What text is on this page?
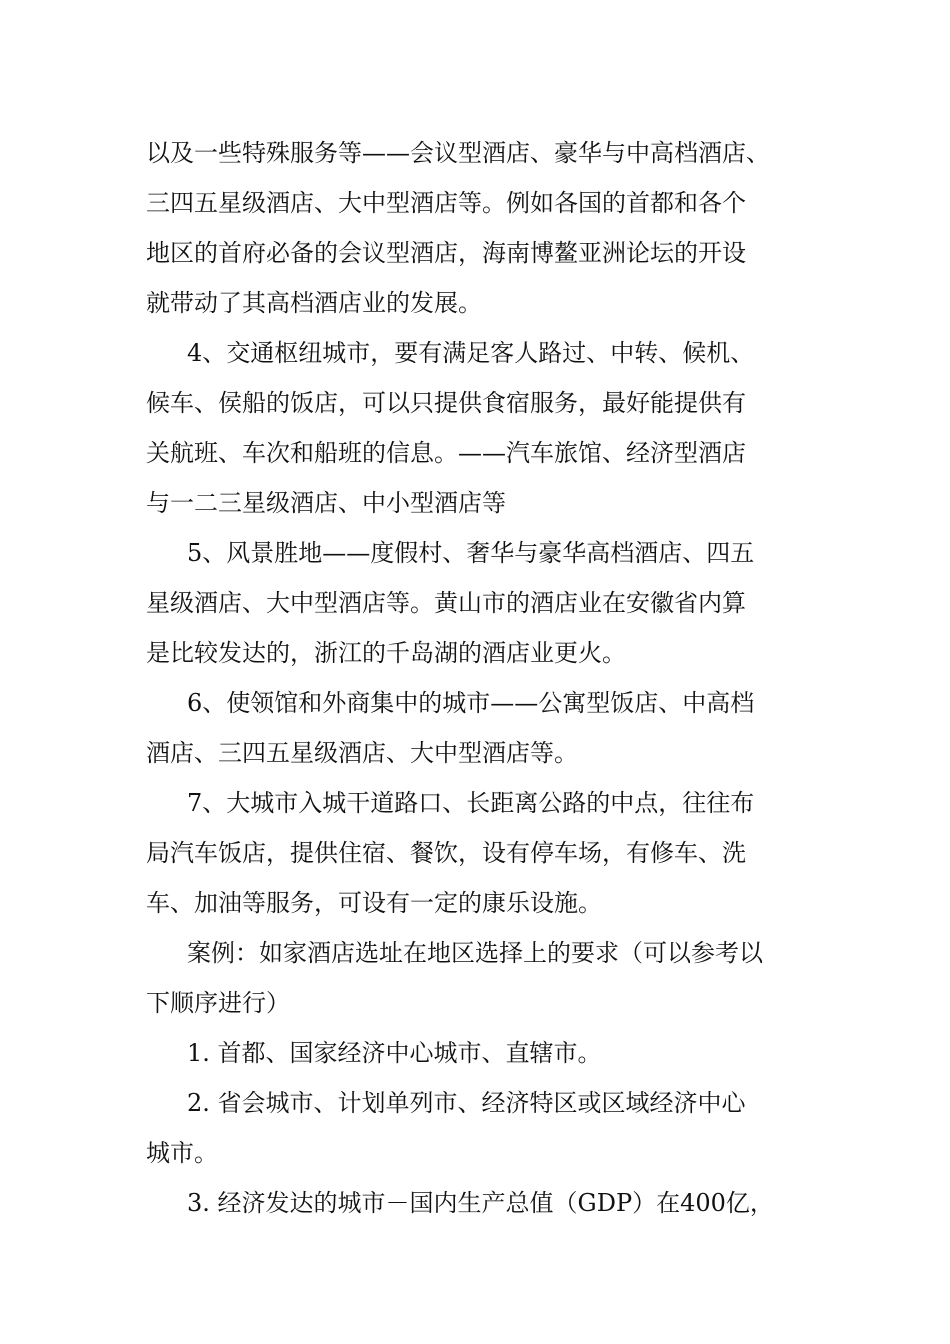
以及一些特殊服务等——会议型酒店、豪华与中高档酒店、
三四五星级酒店、大中型酒店等。例如各国的首都和各个
地区的首府必备的会议型酒店，海南博鳌亚洲论坛的开设
就带动了其高档酒店业的发展。
4、交通枢纽城市，要有满足客人路过、中转、候机、
候车、侯船的饭店，可以只提供食宿服务，最好能提供有
关航班、车次和船班的信息。——汽车旅馆、经济型酒店
与一二三星级酒店、中小型酒店等
5、风景胜地——度假村、奢华与豪华高档酒店、四五
星级酒店、大中型酒店等。黄山市的酒店业在安徽省内算
是比较发达的，浙江的千岛湖的酒店业更火。
6、使领馆和外商集中的城市——公寓型饭店、中高档
酒店、三四五星级酒店、大中型酒店等。
7、大城市入城干道路口、长距离公路的中点，往往布
局汽车饭店，提供住宿、餐饮，设有停车场，有修车、洗
车、加油等服务，可设有一定的康乐设施。
案例：如家酒店选址在地区选择上的要求（可以参考以
下顺序进行）
1. 首都、国家经济中心城市、直辖市。
2. 省会城市、计划单列市、经济特区或区域经济中心
城市。
3. 经济发达的城市－国内生产总值（GDP）在400亿，
